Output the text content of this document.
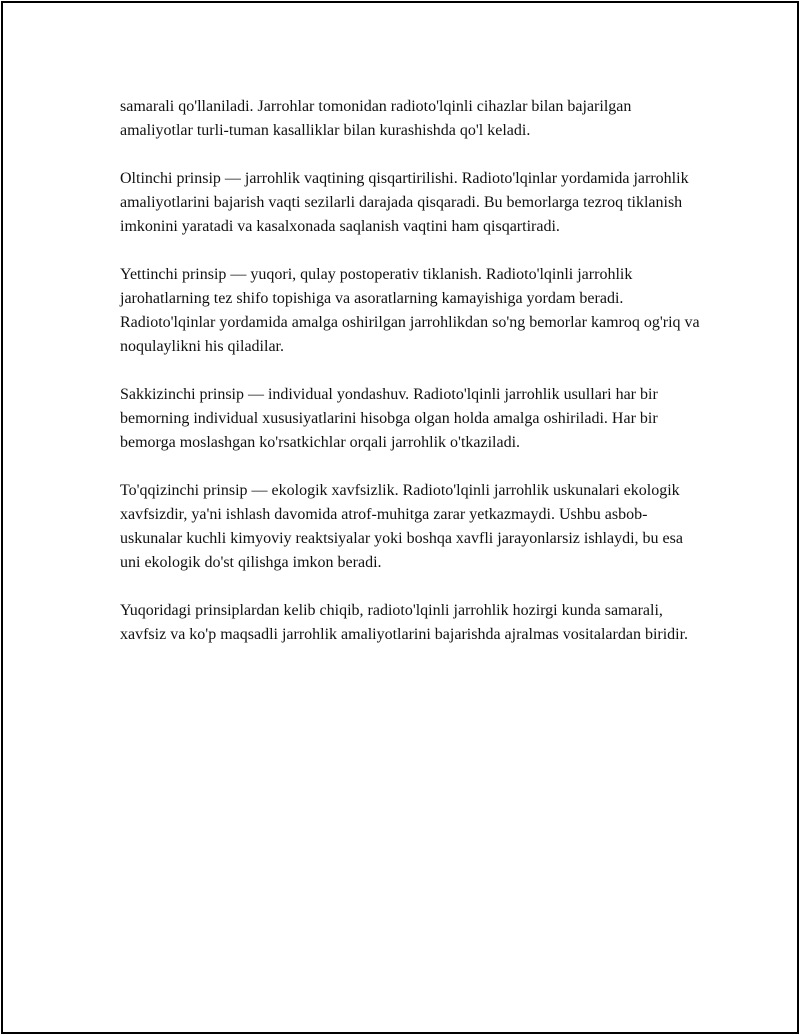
samarali qo'llaniladi. Jarrohlar tomonidan radioto'lqinli cihazlar bilan bajarilgan amaliyotlar turli-tuman kasalliklar bilan kurashishda qo'l keladi.

Oltinchi prinsip — jarrohlik vaqtining qisqartirilishi. Radioto'lqinlar yordamida jarrohlik amaliyotlarini bajarish vaqti sezilarli darajada qisqaradi. Bu bemorlarga tezroq tiklanish imkonini yaratadi va kasalxonada saqlanish vaqtini ham qisqartiradi.

Yettinchi prinsip — yuqori, qulay postoperativ tiklanish. Radioto'lqinli jarrohlik jarohatlarning tez shifo topishiga va asoratlarning kamayishiga yordam beradi. Radioto'lqinlar yordamida amalga oshirilgan jarrohlikdan so'ng bemorlar kamroq og'riq va noqulaylikni his qiladilar.

Sakkizinchi prinsip — individual yondashuv. Radioto'lqinli jarrohlik usullari har bir bemorning individual xususiyatlarini hisobga olgan holda amalga oshiriladi. Har bir bemorga moslashgan ko'rsatkichlar orqali jarrohlik o'tkaziladi.

To'qqizinchi prinsip — ekologik xavfsizlik. Radioto'lqinli jarrohlik uskunalari ekologik xavfsizdir, ya'ni ishlash davomida atrof-muhitga zarar yetkazmaydi. Ushbu asbob-uskunalar kuchli kimyoviy reaktsiyalar yoki boshqa xavfli jarayonlarsiz ishlaydi, bu esa uni ekologik do'st qilishga imkon beradi.

Yuqoridagi prinsiplardan kelib chiqib, radioto'lqinli jarrohlik hozirgi kunda samarali, xavfsiz va ko'p maqsadli jarrohlik amaliyotlarini bajarishda ajralmas vositalardan biridir.
